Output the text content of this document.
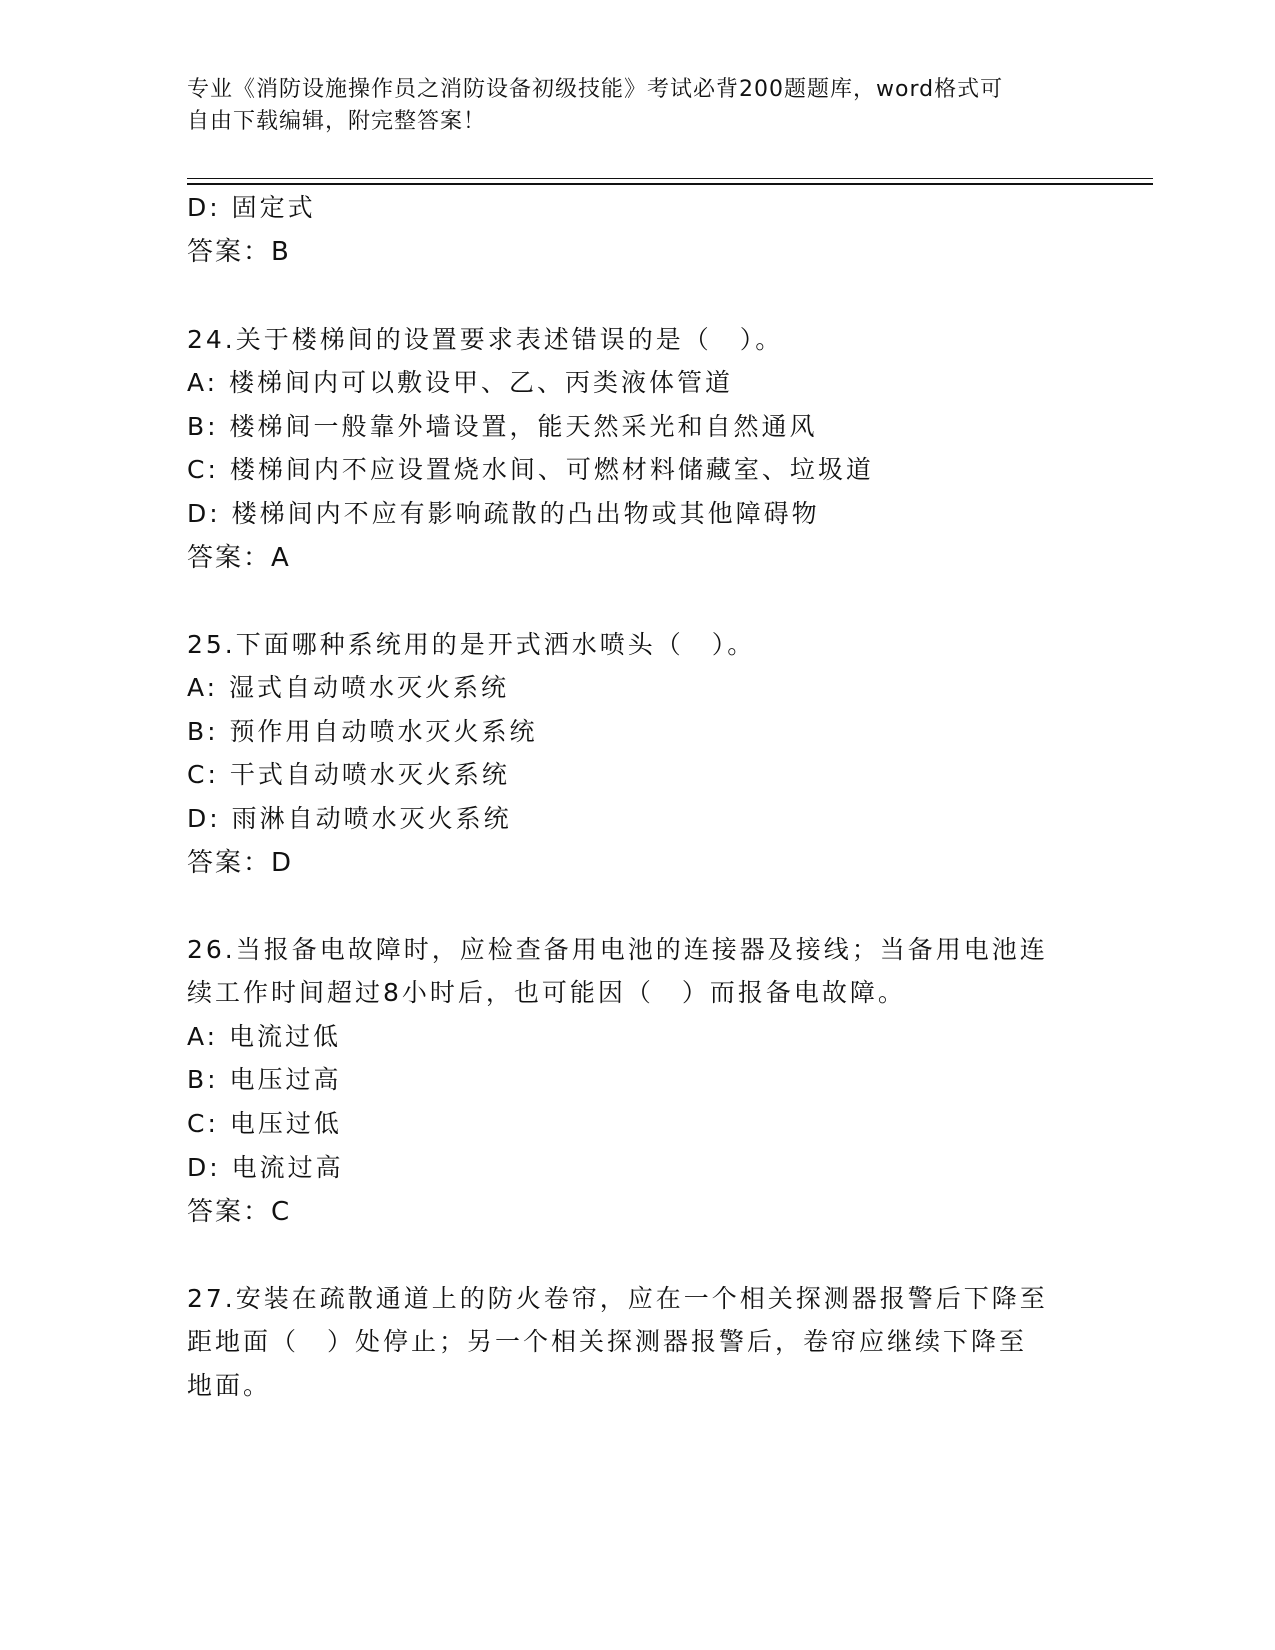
专业《消防设施操作员之消防设备初级技能》考试必背200题题库，word格式可
自由下载编辑，附完整答案！
D: 固定式
答案：B
24.关于楼梯间的设置要求表述错误的是（　）。
A: 楼梯间内可以敷设甲、乙、丙类液体管道
B: 楼梯间一般靠外墙设置，能天然采光和自然通风
C: 楼梯间内不应设置烧水间、可燃材料储藏室、垃圾道
D: 楼梯间内不应有影响疏散的凸出物或其他障碍物
答案：A
25.下面哪种系统用的是开式洒水喷头（　）。
A: 湿式自动喷水灭火系统
B: 预作用自动喷水灭火系统
C: 干式自动喷水灭火系统
D: 雨淋自动喷水灭火系统
答案：D
26.当报备电故障时，应检查备用电池的连接器及接线；当备用电池连
续工作时间超过8小时后，也可能因（　）而报备电故障。
A: 电流过低
B: 电压过高
C: 电压过低
D: 电流过高
答案：C
27.安装在疏散通道上的防火卷帘，应在一个相关探测器报警后下降至
距地面（　）处停止；另一个相关探测器报警后，卷帘应继续下降至
地面。
